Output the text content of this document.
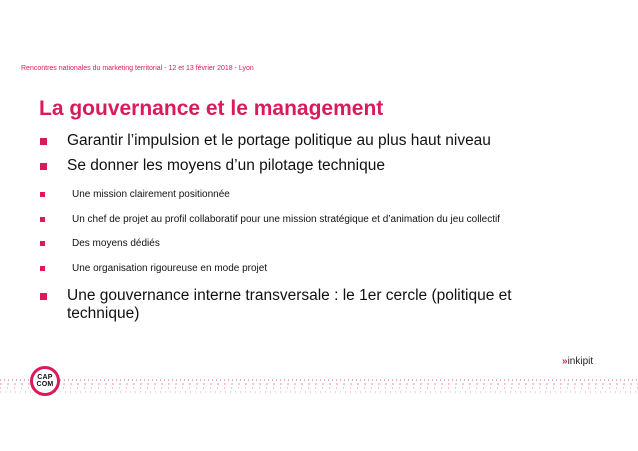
Rencontres nationales du marketing territorial - 12 et 13 février 2018 - Lyon
La gouvernance et le management
Garantir l’impulsion et le portage politique au plus haut niveau
Se donner les moyens d’un pilotage technique
Une mission clairement positionnée
Un chef de projet au profil collaboratif pour une mission stratégique et d’animation du jeu collectif
Des moyens dédiés
Une organisation rigoureuse en mode projet
Une gouvernance interne transversale : le 1er cercle (politique et technique)
»inkipit
CAP
COM
